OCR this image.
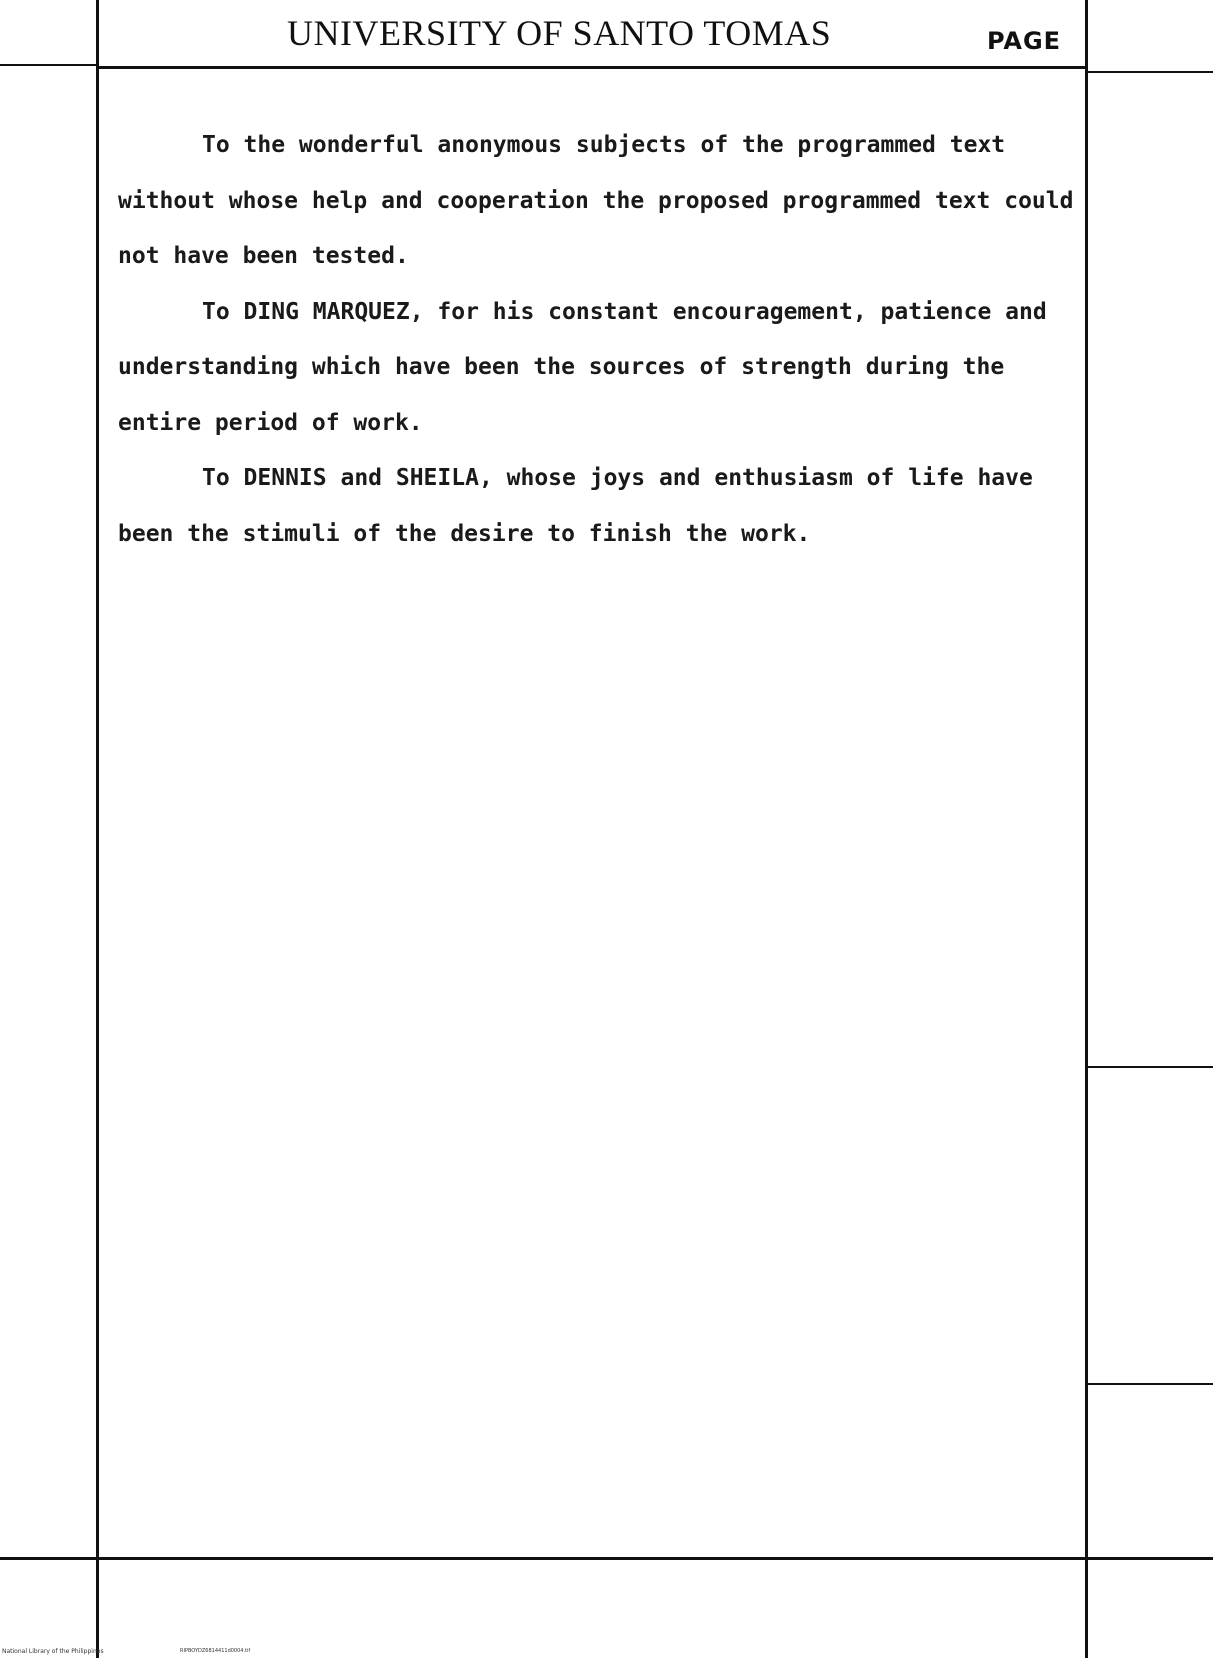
UNIVERSITY OF SANTO TOMAS	PAGE

To the wonderful anonymous subjects of the programmed text without whose help and cooperation the proposed programmed text could not have been tested.

To DING MARQUEZ, for his constant encouragement, patience and understanding which have been the sources of strength during the entire period of work.

To DENNIS and SHEILA, whose joys and enthusiasm of life have been the stimuli of the desire to finish the work.

National Library of the Philippines	RIPBOYDZ6814411d0004.tif
